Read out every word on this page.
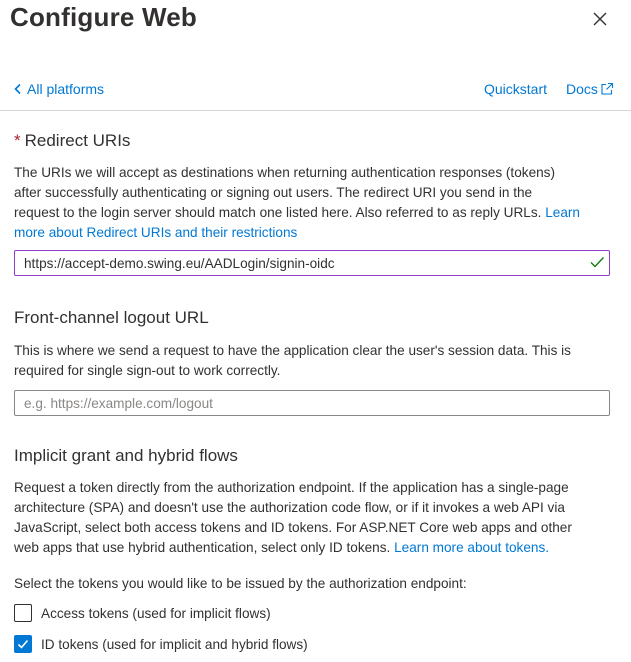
Configure Web
All platforms	Quickstart Docs
* Redirect URIs
The URIs we will accept as destinations when returning authentication responses (tokens)
after successfully authenticating or signing out users. The redirect URI you send in the
request to the login server should match one listed here. Also referred to as reply URLs. Learn
more about Redirect URIs and their restrictions
https://accept-demo.swing.eu/AADLogin/signin-oidc
Front-channel logout URL
This is where we send a request to have the application clear the user's session data. This is
required for single sign-out to work correctly.
e.g. https://example.com/logout
Implicit grant and hybrid flows
Request a token directly from the authorization endpoint. If the application has a single-page
architecture (SPA) and doesn't use the authorization code flow, or if it invokes a web API via
JavaScript, select both access tokens and ID tokens. For ASP.NET Core web apps and other
web apps that use hybrid authentication, select only ID tokens. Learn more about tokens.
Select the tokens you would like to be issued by the authorization endpoint:
Access tokens (used for implicit flows)
ID tokens (used for implicit and hybrid flows)
